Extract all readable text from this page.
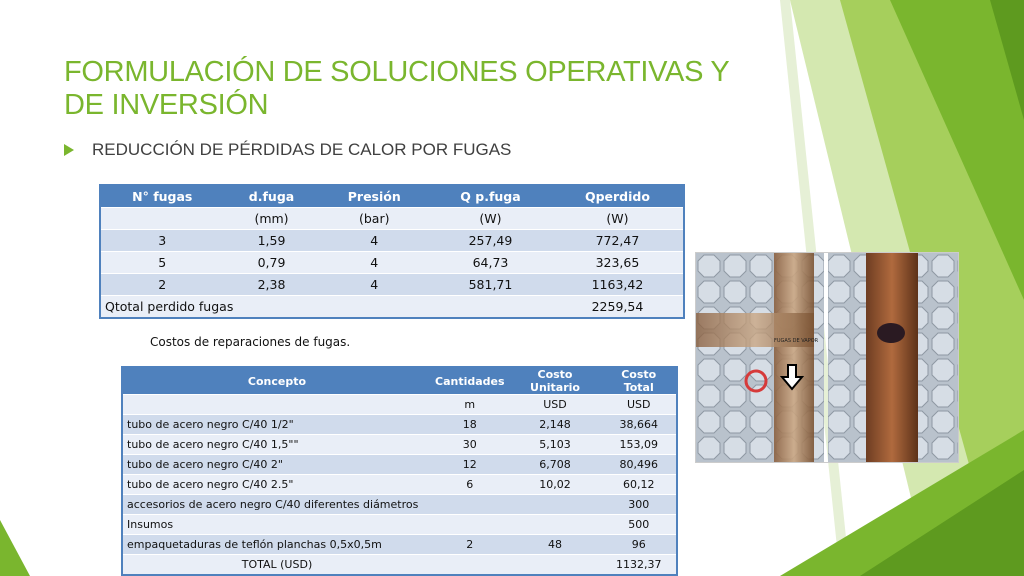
FORMULACIÓN DE SOLUCIONES OPERATIVAS Y DE INVERSIÓN
REDUCCIÓN DE PÉRDIDAS DE CALOR POR FUGAS
N° fugas	d.fuga	Presión	Q p.fuga	Qperdido
	(mm)	(bar)	(W)	(W)
3	1,59	4	257,49	772,47
5	0,79	4	64,73	323,65
2	2,38	4	581,71	1163,42
Qtotal perdido fugas				2259,54
Costos de reparaciones de fugas.
Concepto	Cantidades	Costo Unitario	Costo Total
	m	USD	USD
tubo de acero negro C/40 1/2"	18	2,148	38,664
tubo de acero negro C/40 1,5""	30	5,103	153,09
tubo de acero negro C/40 2"	12	6,708	80,496
tubo de acero negro C/40 2.5"	6	10,02	60,12
accesorios de acero negro C/40 diferentes diámetros			300
Insumos			500
empaquetaduras de teflón planchas 0,5x0,5m	2	48	96
TOTAL (USD)			1132,37
FUGAS DE VAPOR
